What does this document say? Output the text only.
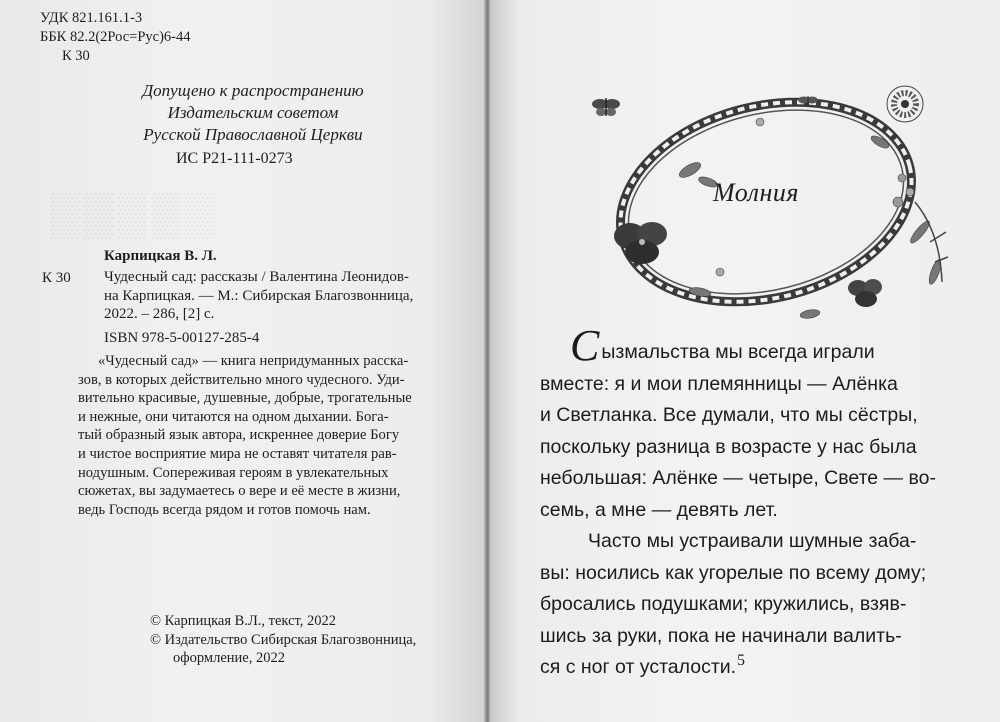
▒▒▒▒▒
УДК 821.161.1-3
ББК 82.2(2Рос=Рус)6-44
К 30
Допущено к распространению
Издательским советом
Русской Православной Церкви
ИС Р21-111-0273
Карпицкая В. Л.
К 30 Чудесный сад: рассказы / Валентина Леонидов-
на Карпицкая. — М.: Сибирская Благозвонница,
2022. – 286, [2] с.
ISBN 978-5-00127-285-4
«Чудесный сад» — книга непридуманных расска-
зов, в которых действительно много чудесного. Уди-
вительно красивые, душевные, добрые, трогательные
и нежные, они читаются на одном дыхании. Бога-
тый образный язык автора, искреннее доверие Богу
и чистое восприятие мира не оставят читателя рав-
нодушным. Сопереживая героям в увлекательных
сюжетах, вы задумаетесь о вере и её месте в жизни,
ведь Господь всегда рядом и готов помочь нам.
© Карпицкая В.Л., текст, 2022
© Издательство Сибирская Благозвонница,
оформление, 2022
Молния
Сызмальства мы всегда играли
вместе: я и мои племянницы — Алёнка
и Светланка. Все думали, что мы сёстры,
поскольку разница в возрасте у нас была
небольшая: Алёнке — четыре, Свете — во-
семь, а мне — девять лет.
Часто мы устраивали шумные заба-
вы: носились как угорелые по всему дому;
бросались подушками; кружились, взяв-
шись за руки, пока не начинали валить-
ся с ног от усталости. 5
